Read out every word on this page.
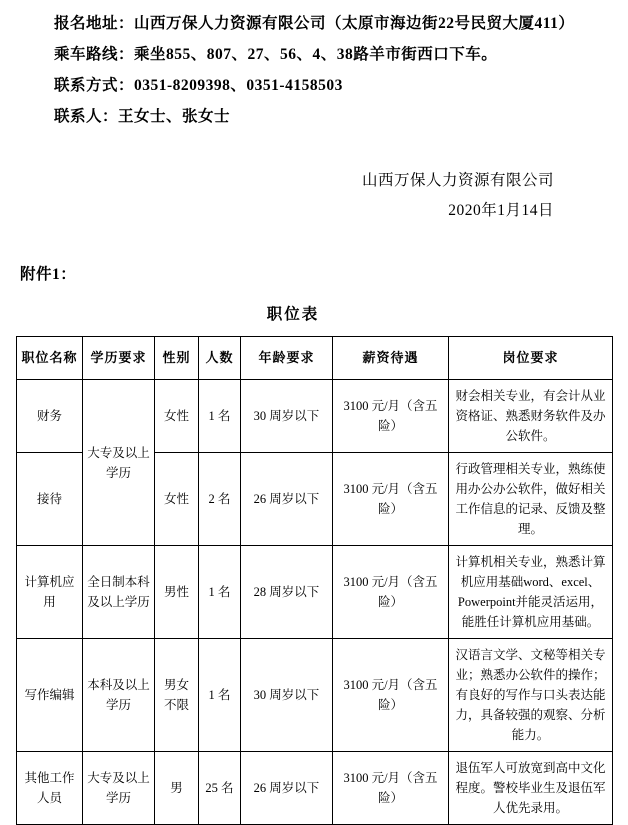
报名地址：山西万保人力资源有限公司（太原市海边街22号民贸大厦411）

乘车路线：乘坐855、807、27、56、4、38路羊市街西口下车。

联系方式：0351-8209398、0351-4158503

联系人：王女士、张女士

山西万保人力资源有限公司
2020年1月14日
附件1：
职位表
职位名称	学历要求	性别	人数	年龄要求	薪资待遇	岗位要求
财务	大专及以上学历	女性	1 名	30 周岁以下	3100 元/月（含五险）	财会相关专业，有会计从业资格证、熟悉财务软件及办公软件。
接待		女性	2 名	26 周岁以下	3100 元/月（含五险）	行政管理相关专业，熟练使用办公办公软件，做好相关工作信息的记录、反馈及整理。
计算机应用	全日制本科及以上学历	男性	1 名	28 周岁以下	3100 元/月（含五险）	计算机相关专业，熟悉计算机应用基础word、excel、Powerpoint并能灵活运用，能胜任计算机应用基础。
写作编辑	本科及以上学历	男女不限	1 名	30 周岁以下	3100 元/月（含五险）	汉语言文学、文秘等相关专业；熟悉办公软件的操作；有良好的写作与口头表达能力，具备较强的观察、分析能力。
其他工作人员	大专及以上学历	男	25 名	26 周岁以下	3100 元/月（含五险）	退伍军人可放宽到高中文化程度。警校毕业生及退伍军人优先录用。
